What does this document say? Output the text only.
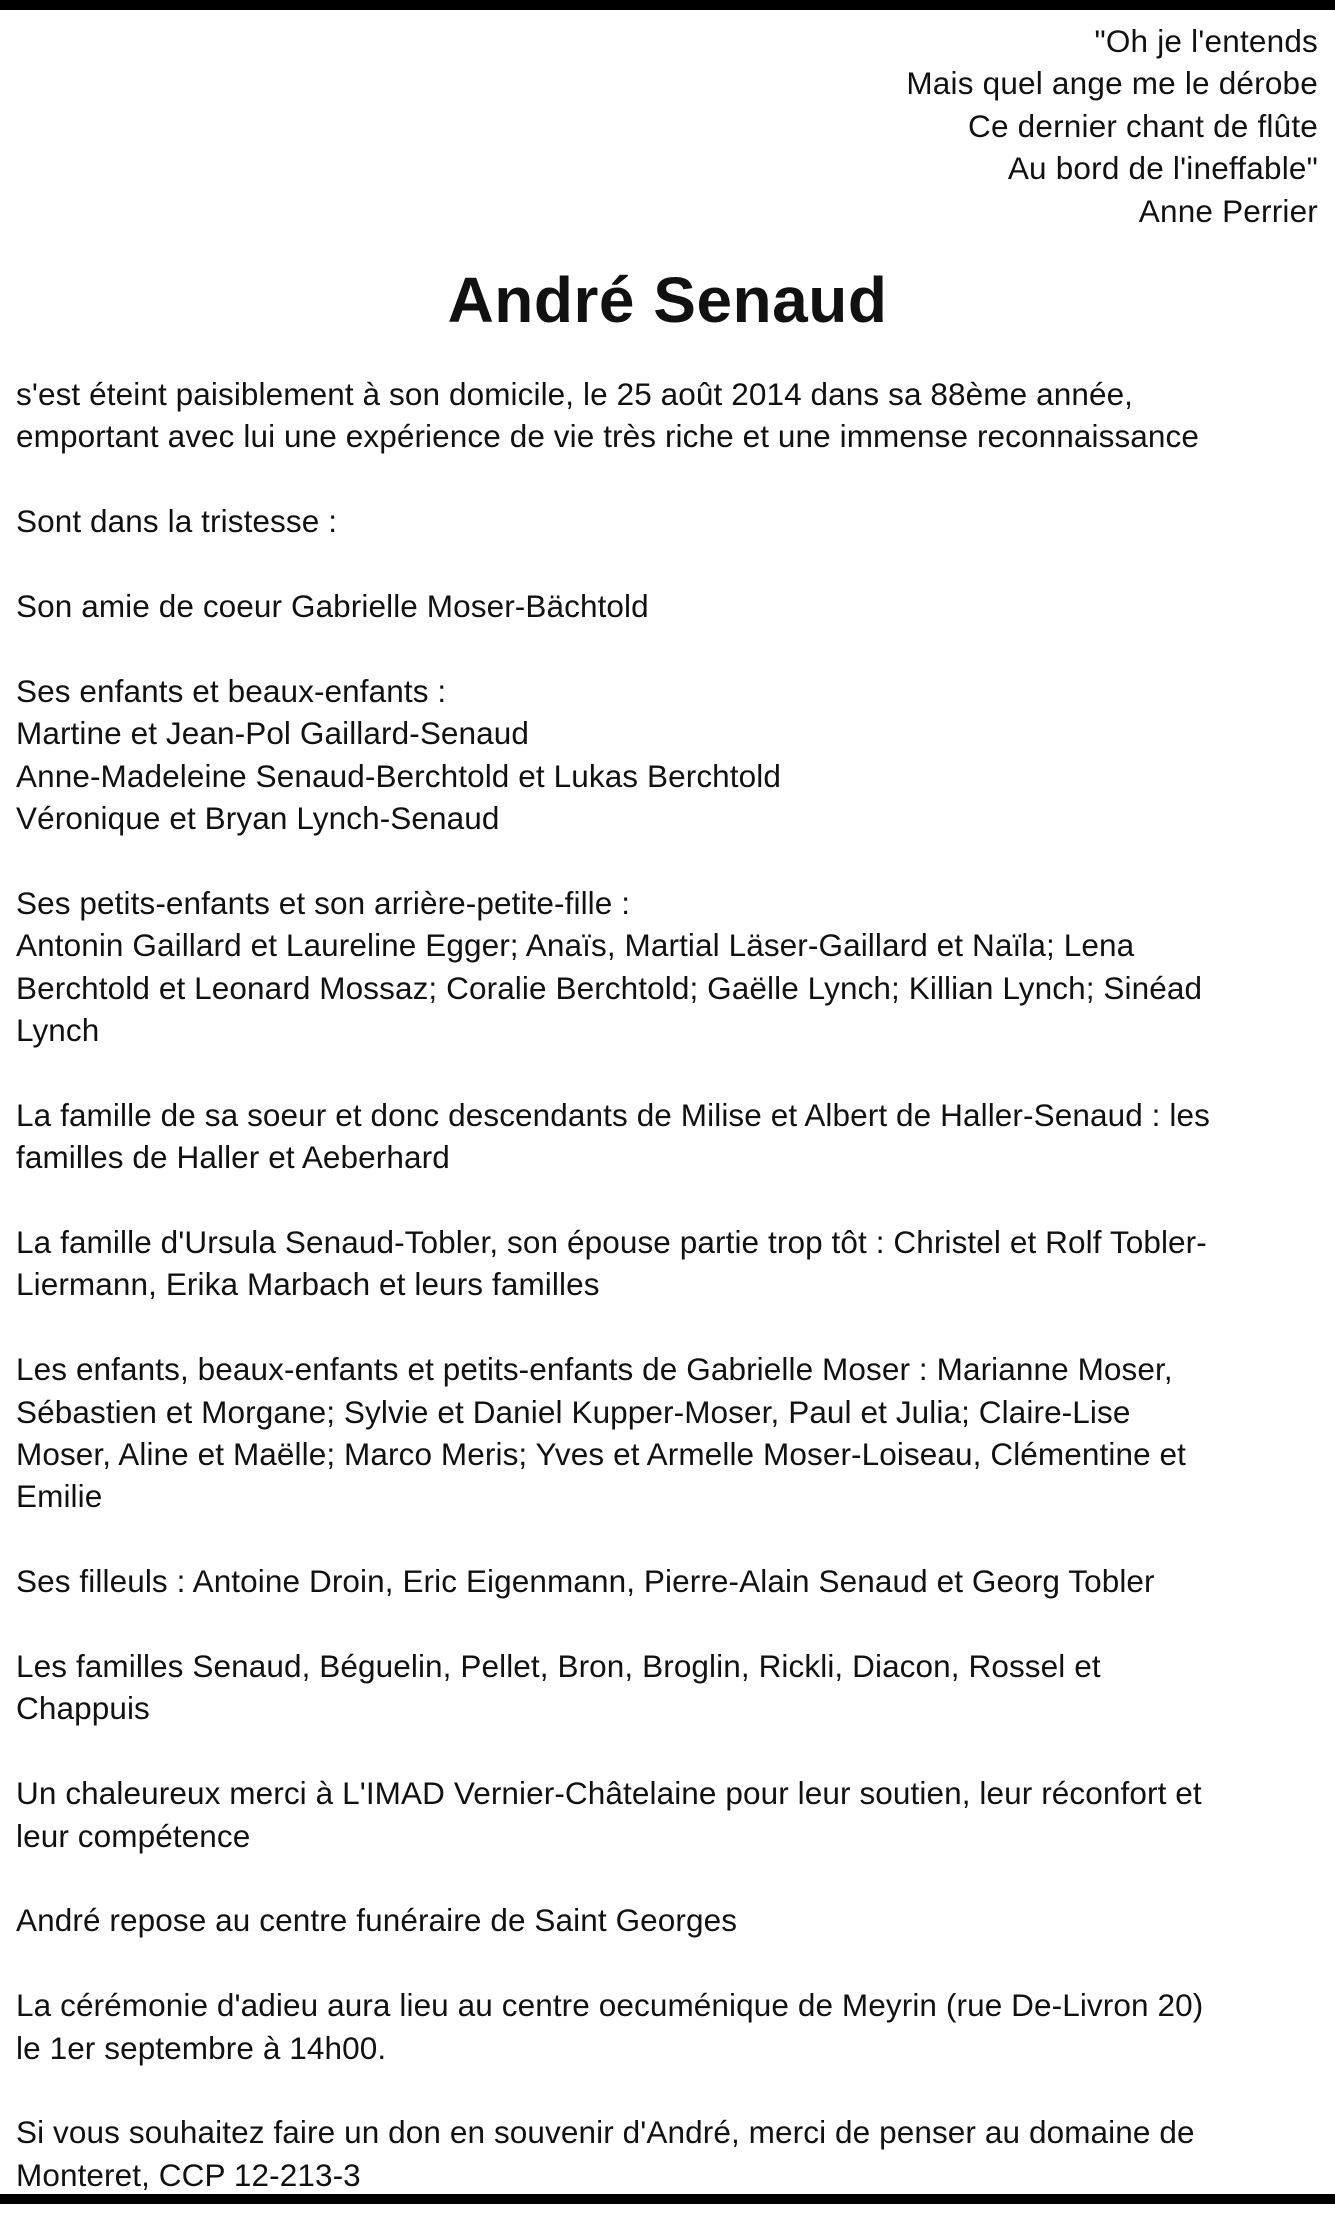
"Oh je l'entends
Mais quel ange me le dérobe
Ce dernier chant de flûte
Au bord de l'ineffable"
Anne Perrier
André Senaud

s'est éteint paisiblement à son domicile, le 25 août 2014 dans sa 88ème année,
emportant avec lui une expérience de vie très riche et une immense reconnaissance

Sont dans la tristesse :

Son amie de coeur Gabrielle Moser-Bächtold

Ses enfants et beaux-enfants :
Martine et Jean-Pol Gaillard-Senaud
Anne-Madeleine Senaud-Berchtold et Lukas Berchtold
Véronique et Bryan Lynch-Senaud

Ses petits-enfants et son arrière-petite-fille :
Antonin Gaillard et Laureline Egger; Anaïs, Martial Läser-Gaillard et Naïla; Lena
Berchtold et Leonard Mossaz; Coralie Berchtold; Gaëlle Lynch; Killian Lynch; Sinéad
Lynch

La famille de sa soeur et donc descendants de Milise et Albert de Haller-Senaud : les
familles de Haller et Aeberhard

La famille d'Ursula Senaud-Tobler, son épouse partie trop tôt : Christel et Rolf Tobler-
Liermann, Erika Marbach et leurs familles

Les enfants, beaux-enfants et petits-enfants de Gabrielle Moser : Marianne Moser,
Sébastien et Morgane; Sylvie et Daniel Kupper-Moser, Paul et Julia; Claire-Lise
Moser, Aline et Maëlle; Marco Meris; Yves et Armelle Moser-Loiseau, Clémentine et
Emilie

Ses filleuls : Antoine Droin, Eric Eigenmann, Pierre-Alain Senaud et Georg Tobler

Les familles Senaud, Béguelin, Pellet, Bron, Broglin, Rickli, Diacon, Rossel et
Chappuis

Un chaleureux merci à L'IMAD Vernier-Châtelaine pour leur soutien, leur réconfort et
leur compétence

André repose au centre funéraire de Saint Georges

La cérémonie d'adieu aura lieu au centre oecuménique de Meyrin (rue De-Livron 20)
le 1er septembre à 14h00.

Si vous souhaitez faire un don en souvenir d'André, merci de penser au domaine de
Monteret, CCP 12-213-3
